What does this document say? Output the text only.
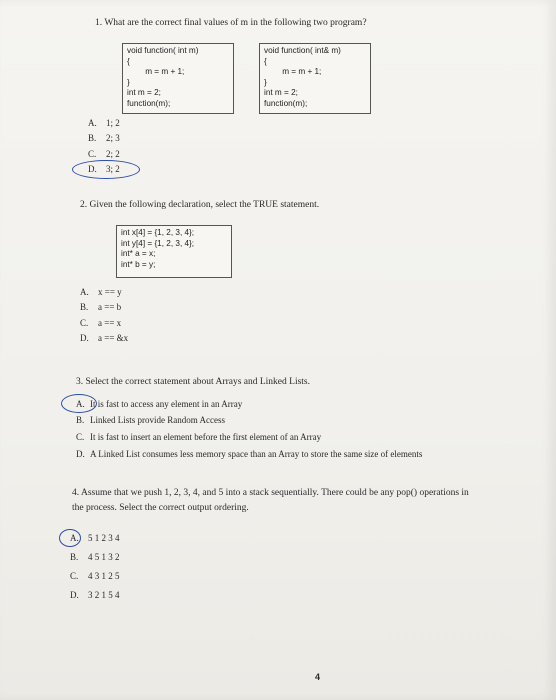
1. What are the correct final values of m in the following two program?
void function( int m)
{
m = m + 1;
}
int m = 2;
function(m);
void function( int& m)
{
m = m + 1;
}
int m = 2;
function(m);
A. 1; 2
B. 2; 3
C. 2; 2
D. 3; 2
2. Given the following declaration, select the TRUE statement.
int x[4] = {1, 2, 3, 4};
int y[4] = {1, 2, 3, 4};
int* a = x;
int* b = y;
A. x == y
B. a == b
C. a == x
D. a == &x
3. Select the correct statement about Arrays and Linked Lists.
A. It is fast to access any element in an Array
B. Linked Lists provide Random Access
C. It is fast to insert an element before the first element of an Array
D. A Linked List consumes less memory space than an Array to store the same size of elements
4. Assume that we push 1, 2, 3, 4, and 5 into a stack sequentially. There could be any pop() operations in
the process. Select the correct output ordering.
A. 5 1 2 3 4
B. 4 5 1 3 2
C. 4 3 1 2 5
D. 3 2 1 5 4
4
